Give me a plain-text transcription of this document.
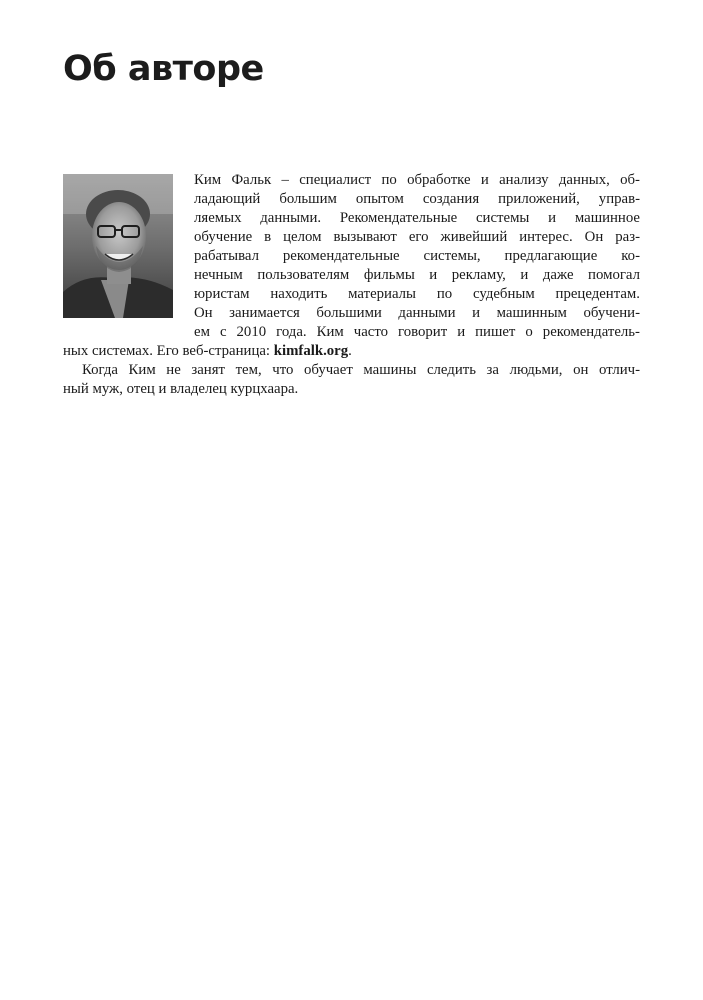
Об авторе
Ким Фальк – специалист по обработке и анализу данных, об-
ладающий большим опытом создания приложений, управ-
ляемых данными. Рекомендательные системы и машинное
обучение в целом вызывают его живейший интерес. Он раз-
рабатывал рекомендательные системы, предлагающие ко-
нечным пользователям фильмы и рекламу, и даже помогал
юристам находить материалы по судебным прецедентам.
Он занимается большими данными и машинным обучени-
ем с 2010 года. Ким часто говорит и пишет о рекомендатель-
ных системах. Его веб-страница: kimfalk.org.
Когда Ким не занят тем, что обучает машины следить за людьми, он отлич-
ный муж, отец и владелец курцхаара.
